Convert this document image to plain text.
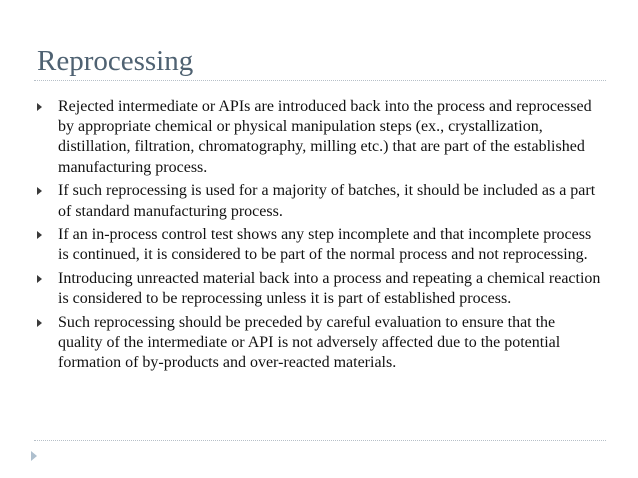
Reprocessing
Rejected intermediate or APIs are introduced back into the process and reprocessed by appropriate chemical or physical manipulation steps (ex., crystallization, distillation, filtration, chromatography, milling etc.) that are part of the established manufacturing process.
If such reprocessing is used for a majority of batches, it should be included as a part of standard manufacturing process.
If an in-process control test shows any step incomplete and that incomplete process is continued, it is considered to be part of the normal process and not reprocessing.
Introducing unreacted material back into a process and repeating a chemical reaction is considered to be reprocessing unless it is part of established process.
Such reprocessing should be preceded by careful evaluation to ensure that the quality of the intermediate or API is not adversely affected due to the potential formation of by-products and over-reacted materials.
